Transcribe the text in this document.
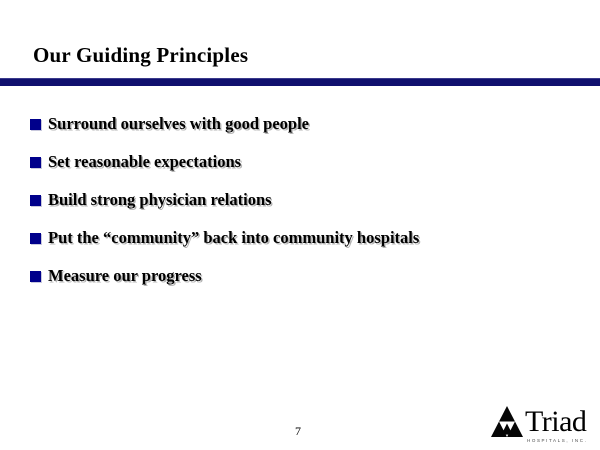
Our Guiding Principles
Surround ourselves with good people
Set reasonable expectations
Build strong physician relations
Put the “community” back into community hospitals
Measure our progress
7	Triad
HOSPITALS, INC.
